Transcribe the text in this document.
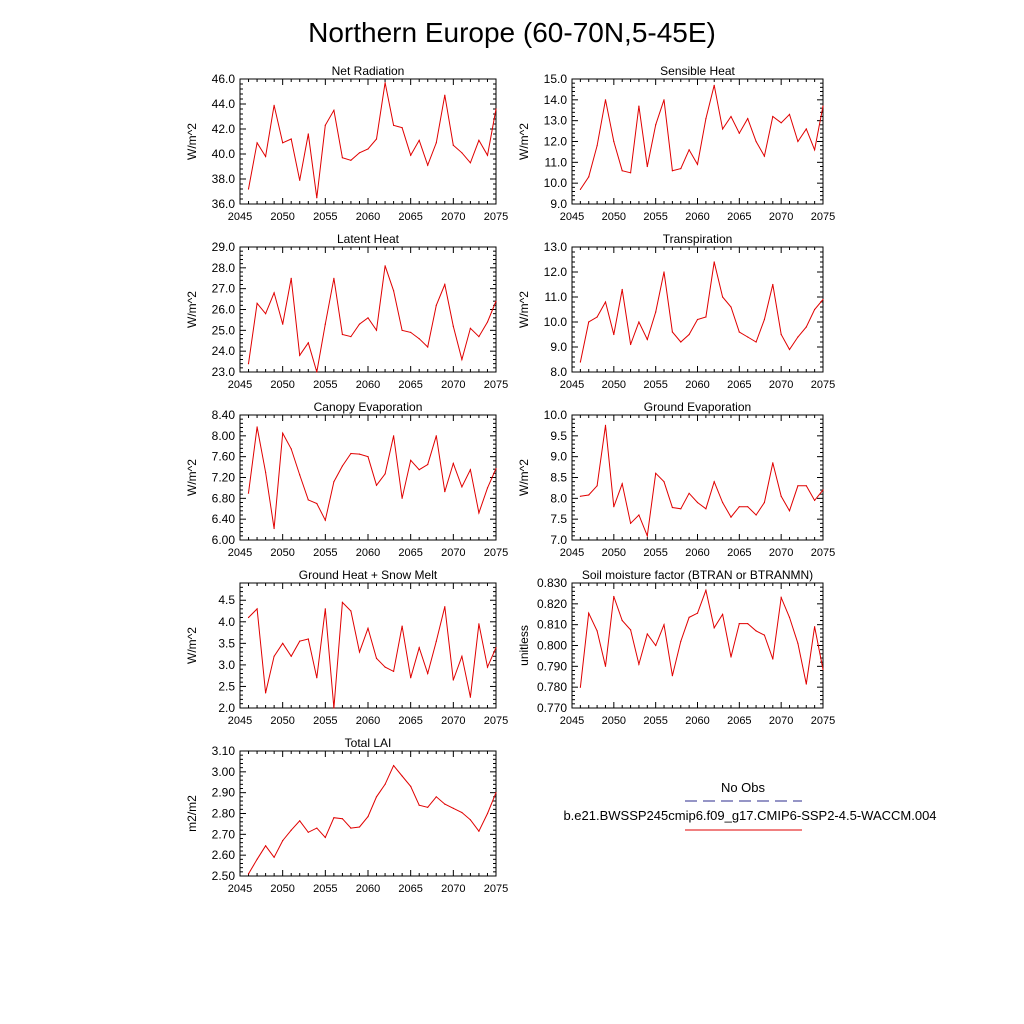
Northern Europe (60-70N,5-45E)
Net Radiation
W/m^2
2045 2050 2055 2060 2065 2070 2075
36.0
38.0
40.0
42.0
44.0
46.0
Sensible Heat
W/m^2
2045 2050 2055 2060 2065 2070 2075
9.0
10.0
11.0
12.0
13.0
14.0
15.0
Latent Heat
W/m^2
2045 2050 2055 2060 2065 2070 2075
23.0
24.0
25.0
26.0
27.0
28.0
29.0
Transpiration
W/m^2
2045 2050 2055 2060 2065 2070 2075
8.0
9.0
10.0
11.0
12.0
13.0
Canopy Evaporation
W/m^2
2045 2050 2055 2060 2065 2070 2075
6.00
6.40
6.80
7.20
7.60
8.00
8.40
Ground Evaporation
W/m^2
2045 2050 2055 2060 2065 2070 2075
7.0
7.5
8.0
8.5
9.0
9.5
10.0
Ground Heat + Snow Melt
W/m^2
2045 2050 2055 2060 2065 2070 2075
2.0
2.5
3.0
3.5
4.0
4.5
Soil moisture factor (BTRAN or BTRANMN)
unitless
2045 2050 2055 2060 2065 2070 2075
0.770
0.780
0.790
0.800
0.810
0.820
0.830
Total LAI
m2/m2
2045 2050 2055 2060 2065 2070 2075
2.50
2.60
2.70
2.80
2.90
3.00
3.10
No Obs
b.e21.BWSSP245cmip6.f09_g17.CMIP6-SSP2-4.5-WACCM.004
